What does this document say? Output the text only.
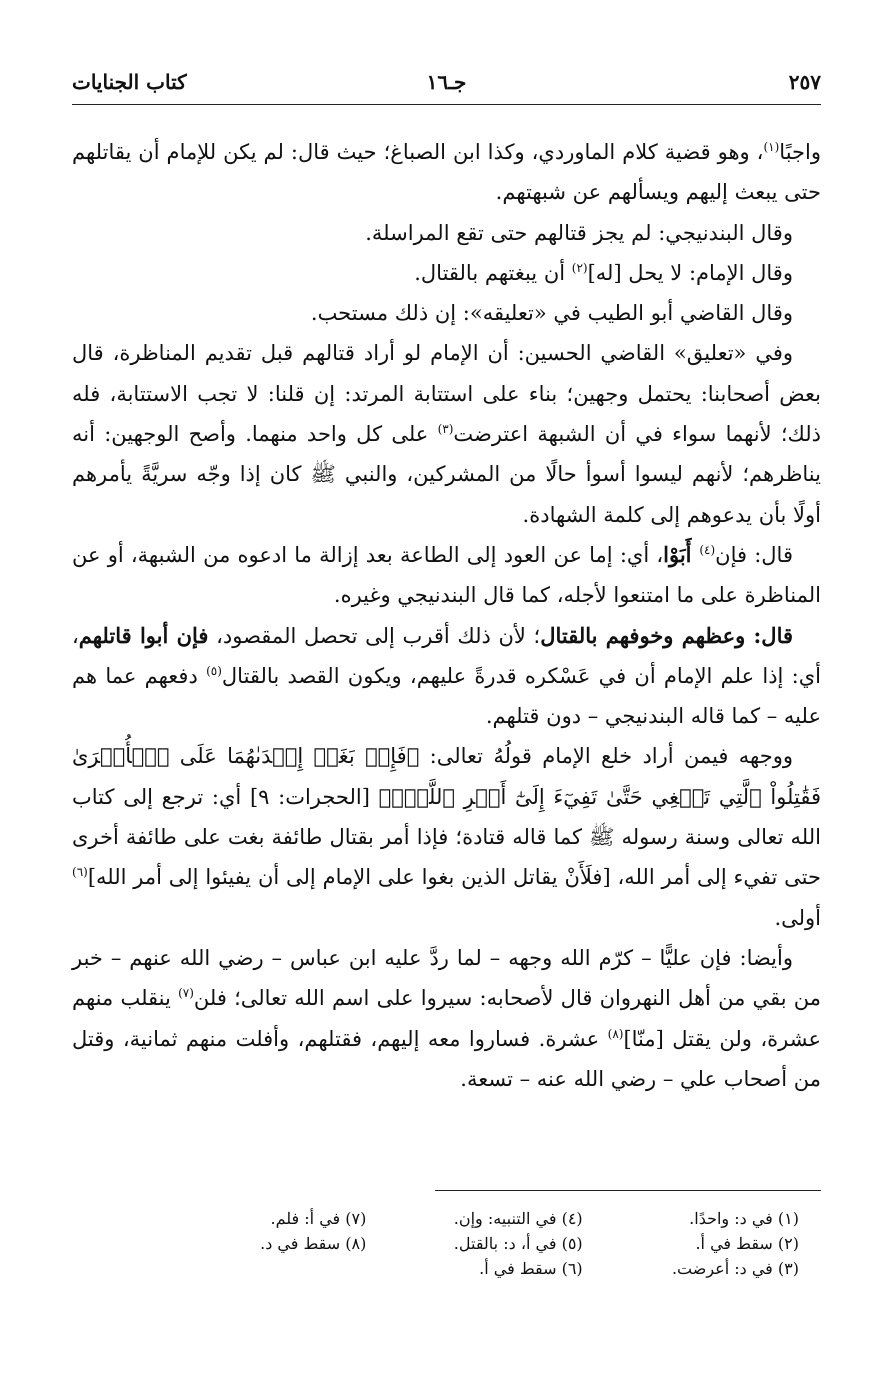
٢٥٧
جـ١٦
كتاب الجنايات

واجبًا$^{(١)}$، وهو قضية كلام الماوردي، وكذا ابن الصباغ؛ حيث قال: لم يكن للإمام أن يقاتلهم حتى يبعث إليهم ويسألهم عن شبهتهم.

وقال البندنيجي: لم يجز قتالهم حتى تقع المراسلة.

وقال الإمام: لا يحل [له]$^{(٢)}$ أن يبغتهم بالقتال.

وقال القاضي أبو الطيب في «تعليقه»: إن ذلك مستحب.

وفي «تعليق» القاضي الحسين: أن الإمام لو أراد قتالهم قبل تقديم المناظرة، قال بعض أصحابنا: يحتمل وجهين؛ بناء على استتابة المرتد: إن قلنا: لا تجب الاستتابة، فله ذلك؛ لأنهما سواء في أن الشبهة اعترضت$^{(٣)}$ على كل واحد منهما. وأصح الوجهين: أنه يناظرهم؛ لأنهم ليسوا أسوأ حالًا من المشركين، والنبي ﷺ كان إذا وجّه سريَّةً يأمرهم أولًا بأن يدعوهم إلى كلمة الشهادة.

قال: فإن$^{(٤)}$ أَبَوْا، أي: إما عن العود إلى الطاعة بعد إزالة ما ادعوه من الشبهة، أو عن المناظرة على ما امتنعوا لأجله، كما قال البندنيجي وغيره.

قال: وعظهم وخوفهم بالقتال؛ لأن ذلك أقرب إلى تحصل المقصود، فإن أبوا قاتلهم، أي: إذا علم الإمام أن في عَسْكره قدرةً عليهم، ويكون القصد بالقتال$^{(٥)}$ دفعهم عما هم عليه – كما قاله البندنيجي – دون قتلهم.

ووجهه فيمن أراد خلع الإمام قولُهُ تعالى: ﴿فَإِنۢ بَغَتۡ إِحۡدَىٰهُمَا عَلَى ٱلۡأُخۡرَىٰ فَقَٰتِلُواْ ٱلَّتِي تَبۡغِي حَتَّىٰ تَفِيٓءَ إِلَىٰٓ أَمۡرِ ٱللَّهِۚ﴾ [الحجرات: ٩] أي: ترجع إلى كتاب الله تعالى وسنة رسوله ﷺ كما قاله قتادة؛ فإذا أمر بقتال طائفة بغت على طائفة أخرى حتى تفيء إلى أمر الله، [فلَأَنْ يقاتل الذين بغوا على الإمام إلى أن يفيئوا إلى أمر الله]$^{(٦)}$ أولى.

وأيضا: فإن عليًّا – كرّم الله وجهه – لما ردَّ عليه ابن عباس – رضي الله عنهم – خبر من بقي من أهل النهروان قال لأصحابه: سيروا على اسم الله تعالى؛ فلن$^{(٧)}$ ينقلب منهم عشرة، ولن يقتل [منّا]$^{(٨)}$ عشرة. فساروا معه إليهم، فقتلهم، وأفلت منهم ثمانية، وقتل من أصحاب علي – رضي الله عنه – تسعة.

(١) في د: واحدًا.
(٤) في التنبيه: وإن.
(٧) في أ: فلم.
(٢) سقط في أ.
(٥) في أ، د: بالقتل.
(٨) سقط في د.
(٣) في د: أعرضت.
(٦) سقط في أ.
